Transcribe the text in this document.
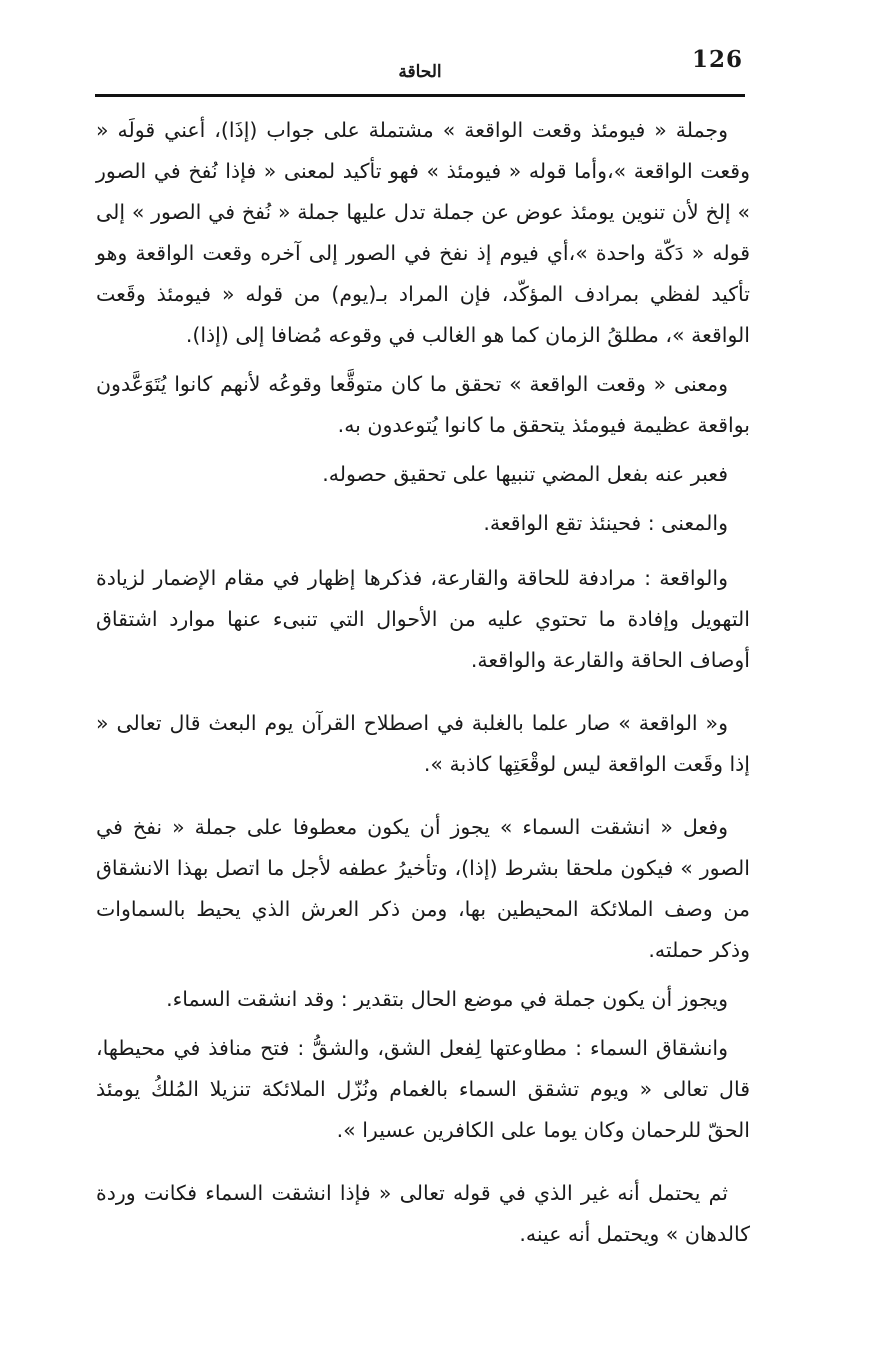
126
الحاقة

وجملة « فيومئذ وقعت الواقعة » مشتملة على جواب (إذَا)، أعني قولَه « وقعت الواقعة »،وأما قوله « فيومئذ » فهو تأكيد لمعنى « فإذا نُفخ في الصور » إلخ لأن تنوين يومئذ عوض عن جملة تدل عليها جملة « نُفخ في الصور » إلى قوله « دَكّة واحدة »،أي فيوم إذ نفخ في الصور إلى آخره وقعت الواقعة وهو تأكيد لفظي بمرادف المؤكّد، فإن المراد بـ(يوم) من قوله « فيومئذ وقَعت الواقعة »، مطلقُ الزمان كما هو الغالب في وقوعه مُضافا إلى (إذا).

ومعنى « وقعت الواقعة » تحقق ما كان متوقَّعا وقوعُه لأنهم كانوا يُتَوَعَّدون بواقعة عظيمة فيومئذ يتحقق ما كانوا يُتوعدون به.

فعبر عنه بفعل المضي تنبيها على تحقيق حصوله.

والمعنى : فحينئذ تقع الواقعة.

والواقعة : مرادفة للحاقة والقارعة، فذكرها إظهار في مقام الإضمار لزيادة التهويل وإفادة ما تحتوي عليه من الأحوال التي تنبىء عنها موارد اشتقاق أوصاف الحاقة والقارعة والواقعة.

و« الواقعة » صار علما بالغلبة في اصطلاح القرآن يوم البعث قال تعالى « إذا وقَعت الواقعة ليس لوقْعَتِها كاذبة ».

وفعل « انشقت السماء » يجوز أن يكون معطوفا على جملة « نفخ في الصور » فيكون ملحقا بشرط (إذا)، وتأخيرُ عطفه لأجل ما اتصل بهذا الانشقاق من وصف الملائكة المحيطين بها، ومن ذكر العرش الذي يحيط بالسماوات وذكر حملته.

ويجوز أن يكون جملة في موضع الحال بتقدير : وقد انشقت السماء.

وانشقاق السماء : مطاوعتها لِفعل الشق، والشقُّ : فتح منافذ في محيطها، قال تعالى « ويوم تشقق السماء بالغمام ونُزّل الملائكة تنزيلا المُلكُ يومئذ الحقّ للرحمان وكان يوما على الكافرين عسيرا ».

ثم يحتمل أنه غير الذي في قوله تعالى « فإذا انشقت السماء فكانت وردة كالدهان » ويحتمل أنه عينه.
